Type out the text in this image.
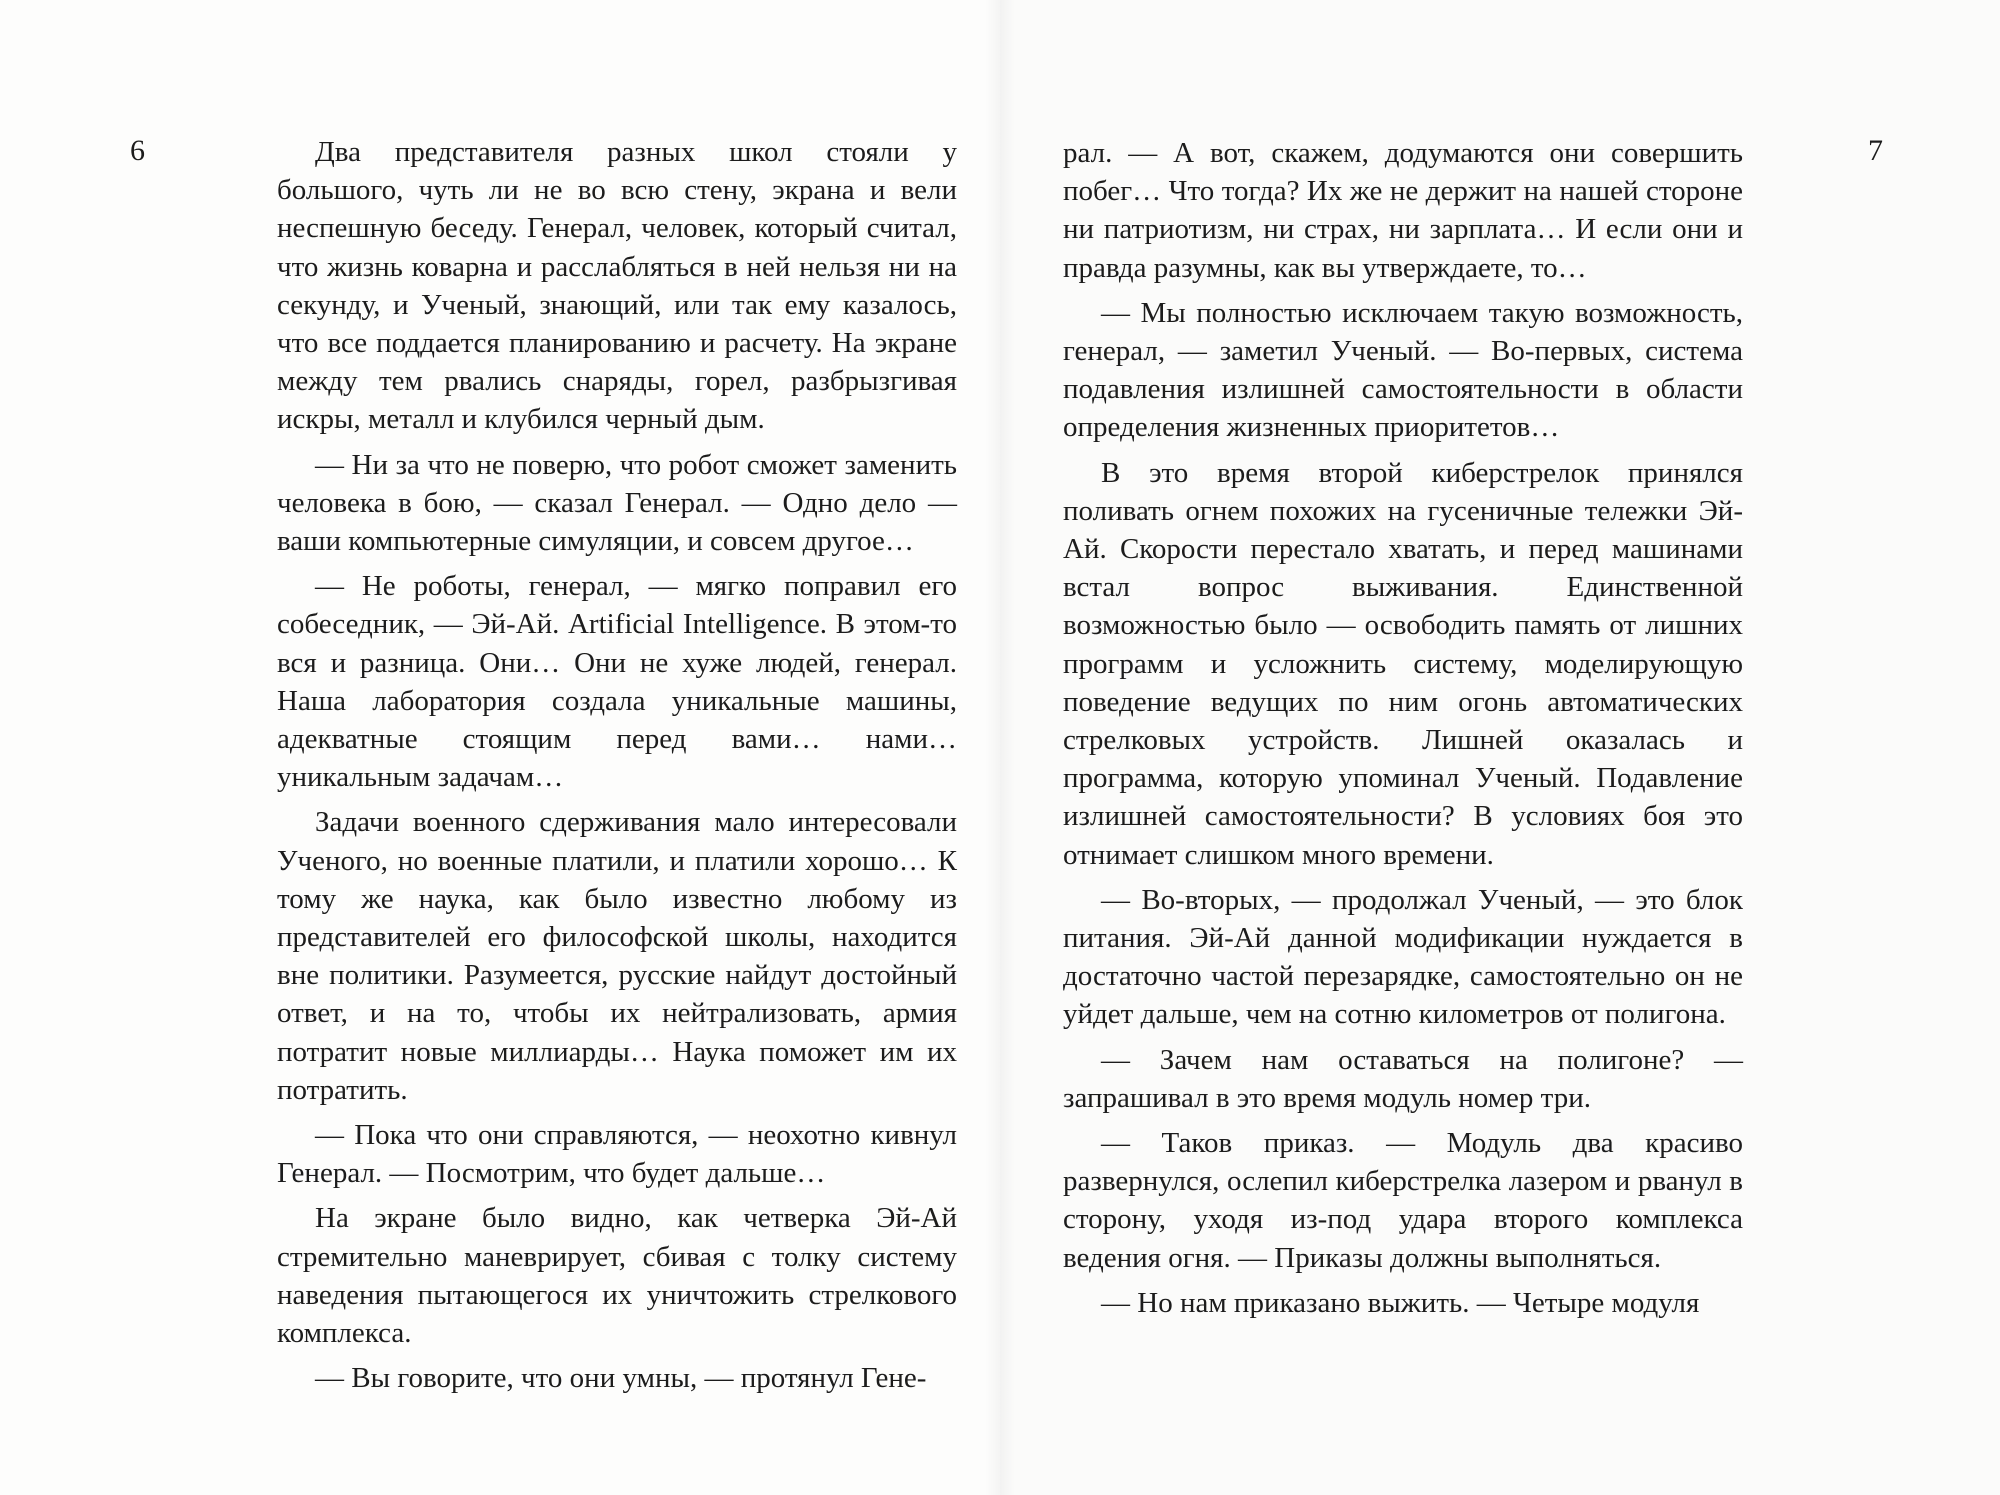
6	7

Два представителя разных школ стояли у большого, чуть ли не во всю стену, экрана и вели неспешную беседу. Генерал, человек, который считал, что жизнь коварна и расслабляться в ней нельзя ни на секунду, и Ученый, знающий, или так ему казалось, что все поддается планированию и расчету. На экране между тем рвались снаряды, горел, разбрызгивая искры, металл и клубился черный дым.

— Ни за что не поверю, что робот сможет заменить человека в бою, — сказал Генерал. — Одно дело — ваши компьютерные симуляции, и совсем другое…

— Не роботы, генерал, — мягко поправил его собеседник, — Эй-Ай. Artificial Intelligence. В этом-то вся и разница. Они… Они не хуже людей, генерал. Наша лаборатория создала уникальные машины, адекватные стоящим перед вами… нами… уникальным задачам…

Задачи военного сдерживания мало интересовали Ученого, но военные платили, и платили хорошо… К тому же наука, как было известно любому из представителей его философской школы, находится вне политики. Разумеется, русские найдут достойный ответ, и на то, чтобы их нейтрализовать, армия потратит новые миллиарды… Наука поможет им их потратить.

— Пока что они справляются, — неохотно кивнул Генерал. — Посмотрим, что будет дальше…

На экране было видно, как четверка Эй-Ай стремительно маневрирует, сбивая с толку систему наведения пытающегося их уничтожить стрелкового комплекса.

— Вы говорите, что они умны, — протянул Гене-

рал. — А вот, скажем, додумаются они совершить побег… Что тогда? Их же не держит на нашей стороне ни патриотизм, ни страх, ни зарплата… И если они и правда разумны, как вы утверждаете, то…

— Мы полностью исключаем такую возможность, генерал, — заметил Ученый. — Во-первых, система подавления излишней самостоятельности в области определения жизненных приоритетов…

В это время второй киберстрелок принялся поливать огнем похожих на гусеничные тележки Эй-Ай. Скорости перестало хватать, и перед машинами встал вопрос выживания. Единственной возможностью было — освободить память от лишних программ и усложнить систему, моделирующую поведение ведущих по ним огонь автоматических стрелковых устройств. Лишней оказалась и программа, которую упоминал Ученый. Подавление излишней самостоятельности? В условиях боя это отнимает слишком много времени.

— Во-вторых, — продолжал Ученый, — это блок питания. Эй-Ай данной модификации нуждается в достаточно частой перезарядке, самостоятельно он не уйдет дальше, чем на сотню километров от полигона.

— Зачем нам оставаться на полигоне? — запрашивал в это время модуль номер три.

— Таков приказ. — Модуль два красиво развернулся, ослепил киберстрелка лазером и рванул в сторону, уходя из-под удара второго комплекса ведения огня. — Приказы должны выполняться.

— Но нам приказано выжить. — Четыре модуля
